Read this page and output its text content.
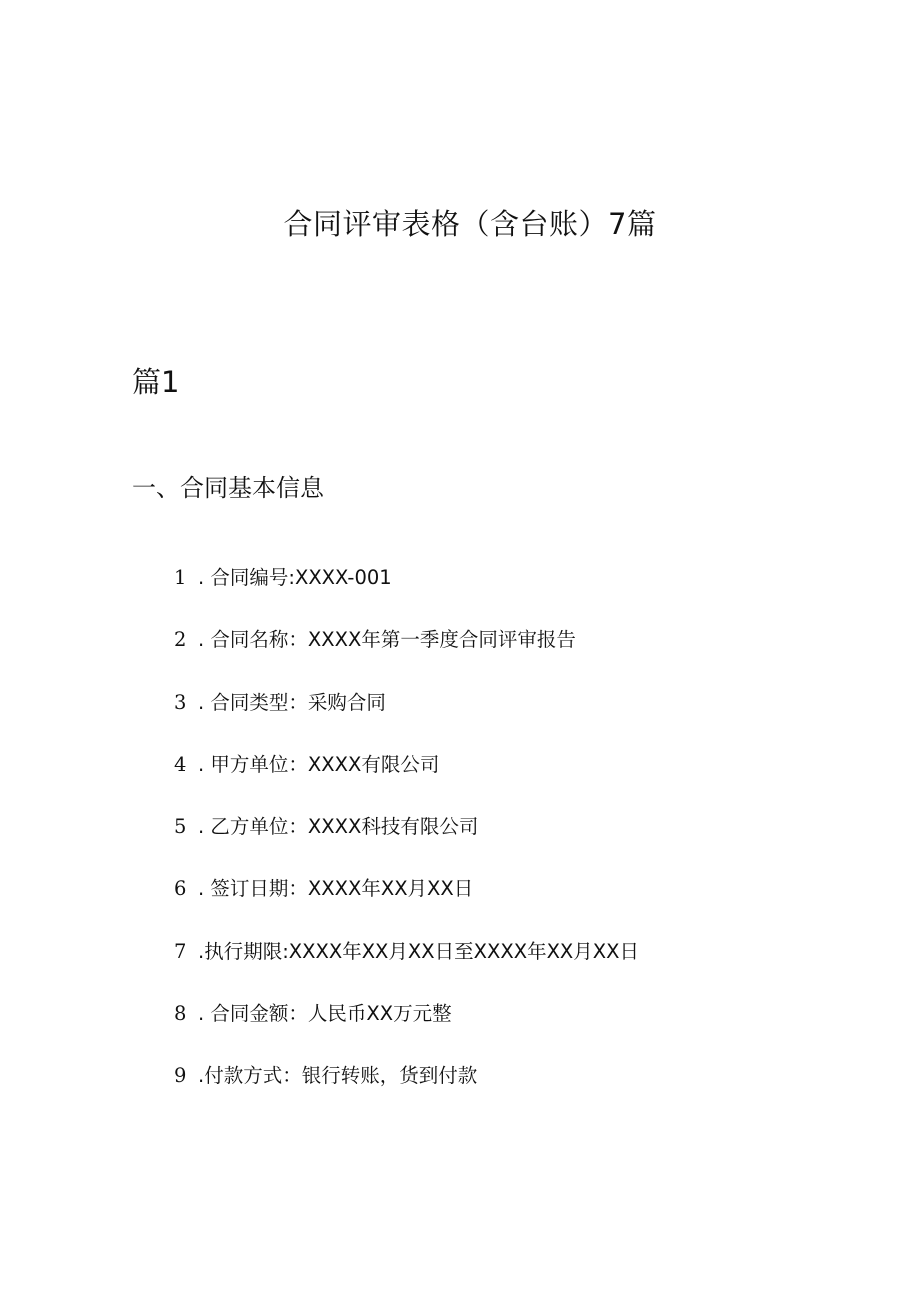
合同评审表格（含台账）7篇
篇1
一、合同基本信息
1 . 合同编号:XXXX-001
2 . 合同名称：XXXX年第一季度合同评审报告
3 . 合同类型：采购合同
4 . 甲方单位：XXXX有限公司
5 . 乙方单位：XXXX科技有限公司
6 . 签订日期：XXXX年XX月XX日
7 .执行期限:XXXX年XX月XX日至XXXX年XX月XX日
8 . 合同金额：人民币XX万元整
9 .付款方式：银行转账，货到付款
